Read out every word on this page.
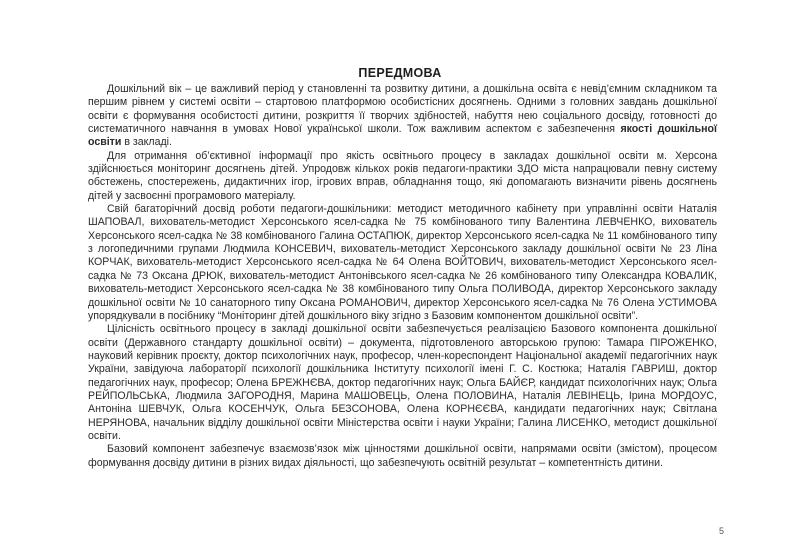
ПЕРЕДМОВА

Дошкільний вік – це важливий період у становленні та розвитку дитини, а дошкільна освіта є невід’ємним складником та першим рівнем у системі освіти – стартовою платформою особистісних досягнень. Одними з головних завдань дошкільної освіти є формування особистості дитини, розкриття її творчих здібностей, набуття нею соціального досвіду, готовності до систематичного навчання в умовах Нової української школи. Тож важливим аспектом є забезпечення якості дошкільної освіти в закладі.

Для отримання об’єктивної інформації про якість освітнього процесу в закладах дошкільної освіти м. Херсона здійснюється моніторинг досягнень дітей. Упродовж кількох років педагоги-практики ЗДО міста напрацювали певну систему обстежень, спостережень, дидактичних ігор, ігрових вправ, обладнання тощо, які допомагають визначити рівень досягнень дітей у засвоєнні програмового матеріалу.

Свій багаторічний досвід роботи педагоги-дошкільники: методист методичного кабінету при управлінні освіти Наталія ШАПОВАЛ, вихователь-методист Херсонського ясел-садка № 75 комбінованого типу Валентина ЛЕВЧЕНКО, вихователь Херсонського ясел-садка № 38 комбінованого Галина ОСТАПЮК, директор Херсонського ясел-садка № 11 комбінованого типу з логопедичними групами Людмила КОНСЕВИЧ, вихователь-методист Херсонського закладу дошкільної освіти № 23 Ліна КОРЧАК, вихователь-методист Херсонського ясел-садка № 64 Олена ВОЙТОВИЧ, вихователь-методист Херсонського ясел-садка № 73 Оксана ДРЮК, вихователь-методист Антонівського ясел-садка № 26 комбінованого типу Олександра КОВАЛИК, вихователь-методист Херсонського ясел-садка № 38 комбінованого типу Ольга ПОЛИВОДА, директор Херсонського закладу дошкільної освіти № 10 санаторного типу Оксана РОМАНОВИЧ, директор Херсонського ясел-садка № 76 Олена УСТИМОВА упорядкували в посібнику “Моніторинг дітей дошкільного віку згідно з Базовим компонентом дошкільної освіти”.

Цілісність освітнього процесу в закладі дошкільної освіти забезпечується реалізацією Базового компонента дошкільної освіти (Державного стандарту дошкільної освіти) – документа, підготовленого авторською групою: Тамара ПІРОЖЕНКО, науковий керівник проєкту, доктор психологічних наук, професор, член-кореспондент Національної академії педагогічних наук України, завідуюча лабораторії психології дошкільника Інституту психології імені Г. С. Костюка; Наталія ГАВРИШ, доктор педагогічних наук, професор; Олена БРЕЖНЄВА, доктор педагогічних наук; Ольга БАЙЄР, кандидат психологічних наук; Ольга РЕЙПОЛЬСЬКА, Людмила ЗАГОРОДНЯ, Марина МАШОВЕЦЬ, Олена ПОЛОВИНА, Наталія ЛЕВІНЕЦЬ, Ірина МОРДОУС, Антоніна ШЕВЧУК, Ольга КОСЕНЧУК, Ольга БЕЗСОНОВА, Олена КОРНЄЄВА, кандидати педагогічних наук; Світлана НЕРЯНОВА, начальник відділу дошкільної освіти Міністерства освіти і науки України; Галина ЛИСЕНКО, методист дошкільної освіти.

Базовий компонент забезпечує взаємозв’язок між цінностями дошкільної освіти, напрямами освіти (змістом), процесом формування досвіду дитини в різних видах діяльності, що забезпечують освітній результат – компетентність дитини.

5
